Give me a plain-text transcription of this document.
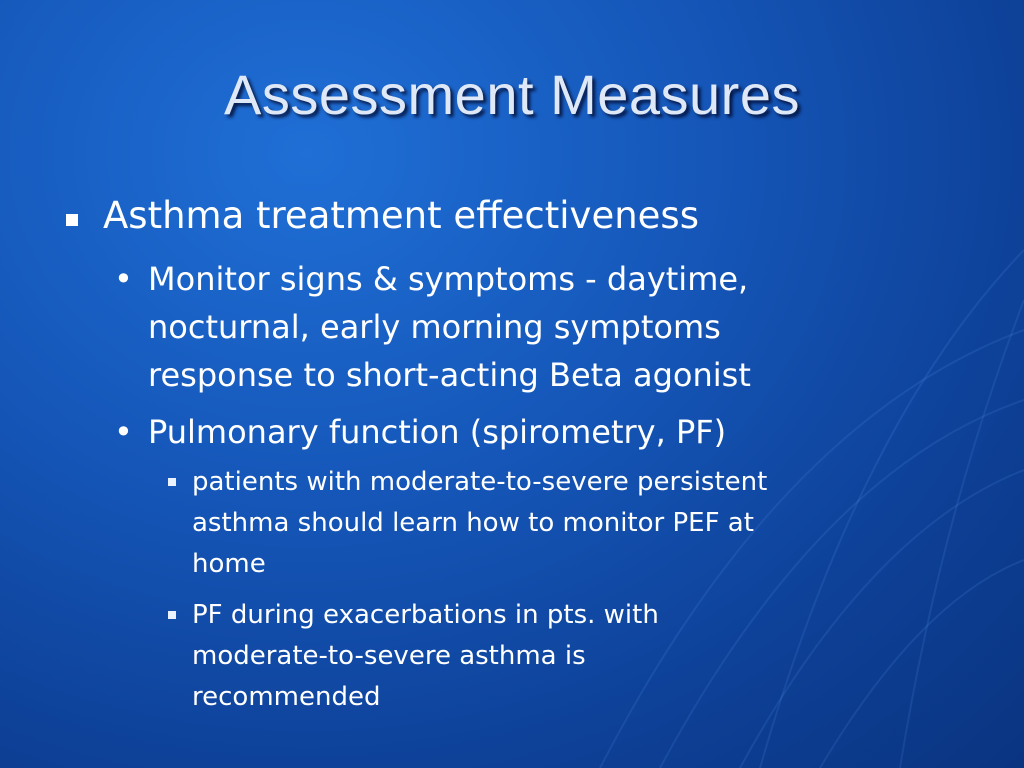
Assessment Measures
Asthma treatment effectiveness
• Monitor signs & symptoms - daytime,
nocturnal, early morning symptoms
response to short-acting Beta agonist
• Pulmonary function (spirometry, PF)
patients with moderate-to-severe persistent
asthma should learn how to monitor PEF at
home
PF during exacerbations in pts. with
moderate-to-severe asthma is
recommended
